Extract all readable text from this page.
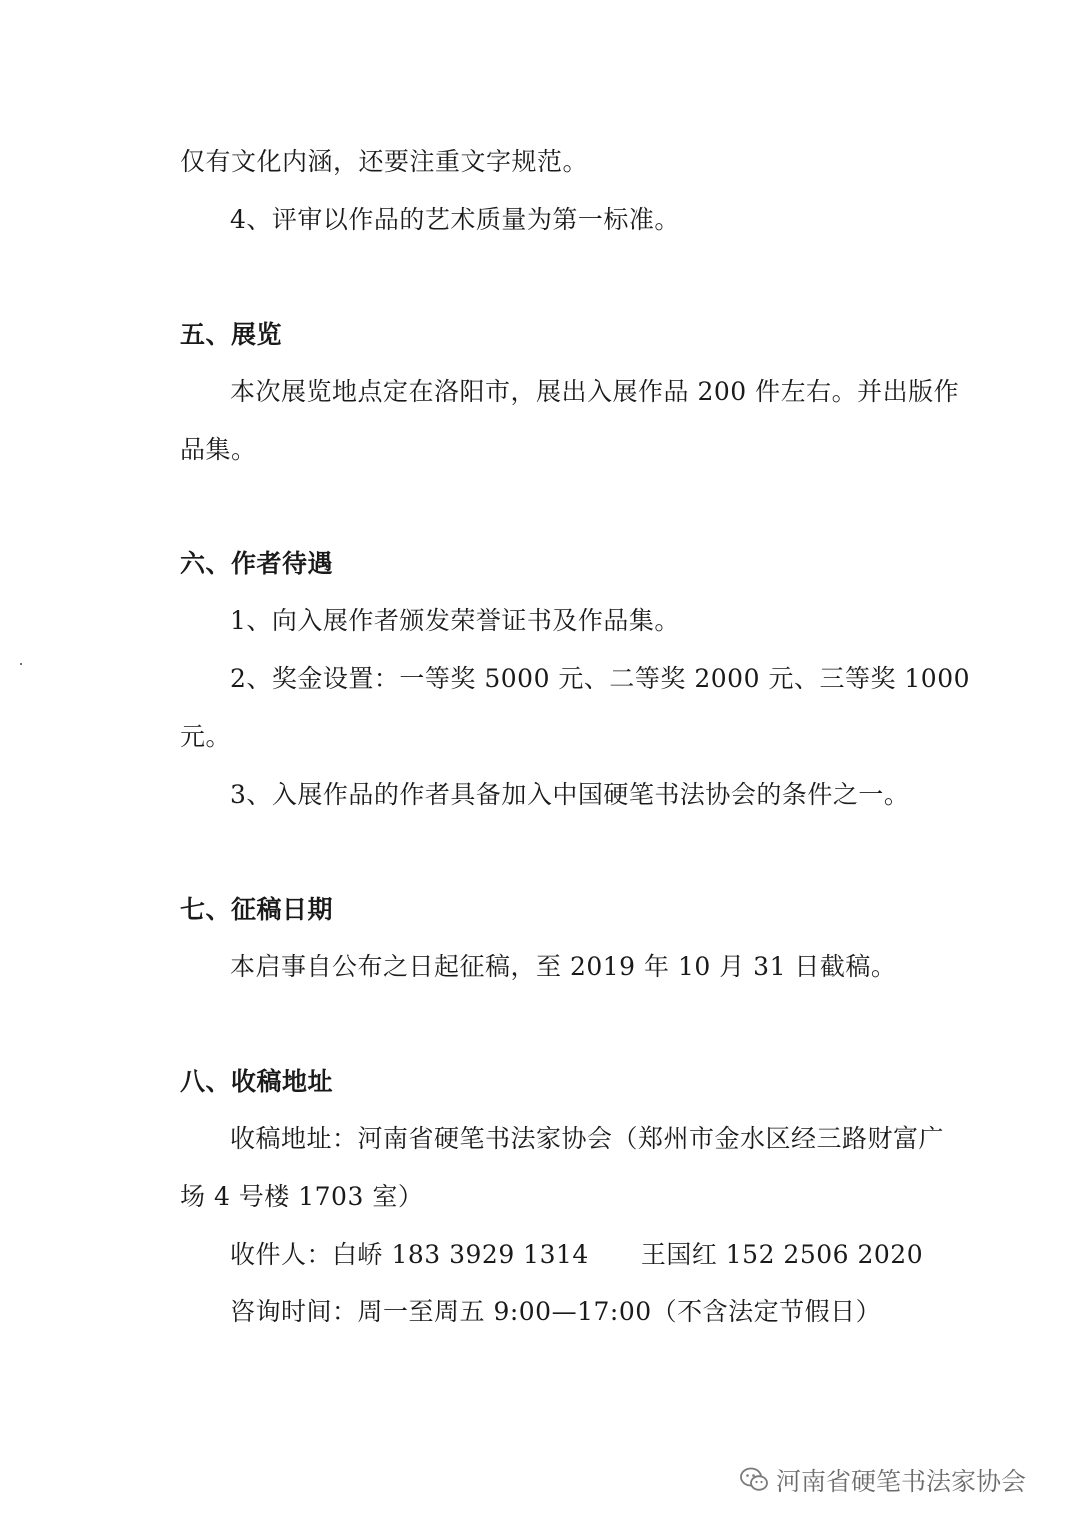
仅有文化内涵，还要注重文字规范。
4、评审以作品的艺术质量为第一标准。
五、展览
本次展览地点定在洛阳市，展出入展作品 200 件左右。并出版作
品集。
六、作者待遇
1、向入展作者颁发荣誉证书及作品集。
2、奖金设置：一等奖 5000 元、二等奖 2000 元、三等奖 1000
元。
3、入展作品的作者具备加入中国硬笔书法协会的条件之一。
七、征稿日期
本启事自公布之日起征稿，至 2019 年 10 月 31 日截稿。
八、收稿地址
收稿地址：河南省硬笔书法家协会（郑州市金水区经三路财富广
场 4 号楼 1703 室）
收件人：白峤 183 3929 1314 王国红 152 2506 2020
咨询时间：周一至周五 9:00—17:00（不含法定节假日）
河南省硬笔书法家协会
